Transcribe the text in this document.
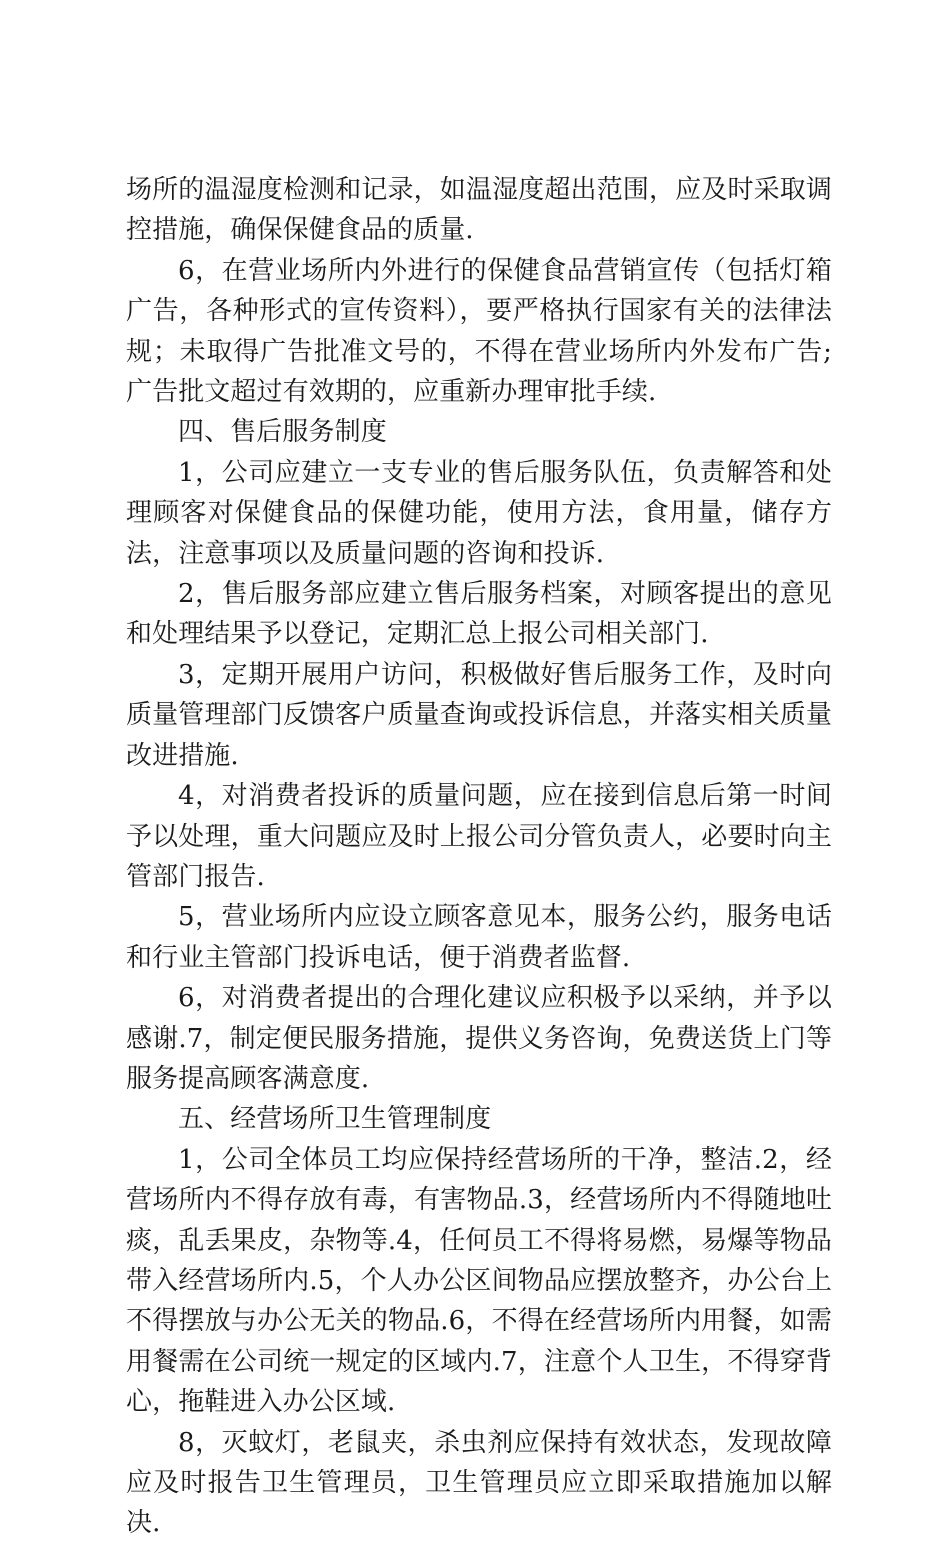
场所的温湿度检测和记录，如温湿度超出范围，应及时采取调控措施，确保保健食品的质量.

6，在营业场所内外进行的保健食品营销宣传（包括灯箱广告，各种形式的宣传资料），要严格执行国家有关的法律法规；未取得广告批准文号的，不得在营业场所内外发布广告;广告批文超过有效期的，应重新办理审批手续.

四、售后服务制度

1，公司应建立一支专业的售后服务队伍，负责解答和处理顾客对保健食品的保健功能，使用方法，食用量，储存方法，注意事项以及质量问题的咨询和投诉.

2，售后服务部应建立售后服务档案，对顾客提出的意见和处理结果予以登记，定期汇总上报公司相关部门.

3，定期开展用户访问，积极做好售后服务工作，及时向质量管理部门反馈客户质量查询或投诉信息，并落实相关质量改进措施.

4，对消费者投诉的质量问题，应在接到信息后第一时间予以处理，重大问题应及时上报公司分管负责人，必要时向主管部门报告.

5，营业场所内应设立顾客意见本，服务公约，服务电话和行业主管部门投诉电话，便于消费者监督.

6，对消费者提出的合理化建议应积极予以采纳，并予以感谢.7，制定便民服务措施，提供义务咨询，免费送货上门等服务提高顾客满意度.

五、经营场所卫生管理制度

1，公司全体员工均应保持经营场所的干净，整洁.2，经营场所内不得存放有毒，有害物品.3，经营场所内不得随地吐痰，乱丢果皮，杂物等.4，任何员工不得将易燃，易爆等物品带入经营场所内.5，个人办公区间物品应摆放整齐，办公台上不得摆放与办公无关的物品.6，不得在经营场所内用餐，如需用餐需在公司统一规定的区域内.7，注意个人卫生，不得穿背心，拖鞋进入办公区域.

8，灭蚊灯，老鼠夹，杀虫剂应保持有效状态，发现故障应及时报告卫生管理员，卫生管理员应立即采取措施加以解决.
